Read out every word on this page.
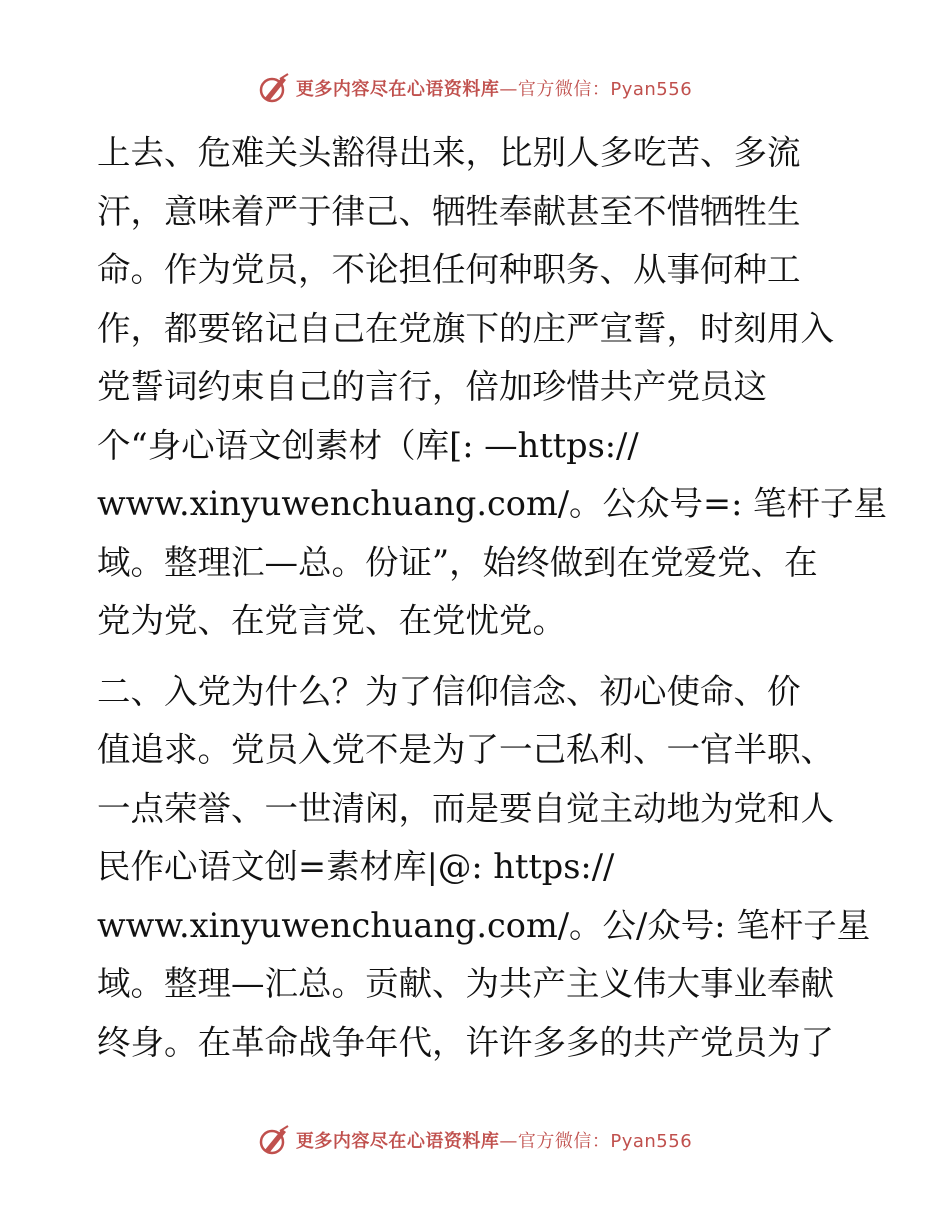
更多内容尽在心语资料库 —官方微信：Pyan556
上去、危难关头豁得出来，比别人多吃苦、多流
汗，意味着严于律己、牺牲奉献甚至不惜牺牲生
命。作为党员，不论担任何种职务、从事何种工
作，都要铭记自己在党旗下的庄严宣誓，时刻用入
党誓词约束自己的言行，倍加珍惜共产党员这
个“身心语文创素材（库[: —https://
www.xinyuwenchuang.com/。公众号=: 笔杆子星
域。整理汇—总。份证”，始终做到在党爱党、在
党为党、在党言党、在党忧党。
二、入党为什么？为了信仰信念、初心使命、价
值追求。党员入党不是为了一己私利、一官半职、
一点荣誉、一世清闲，而是要自觉主动地为党和人
民作心语文创=素材库|@: https://
www.xinyuwenchuang.com/。公/众号: 笔杆子星
域。整理—汇总。贡献、为共产主义伟大事业奉献
终身。在革命战争年代，许许多多的共产党员为了
更多内容尽在心语资料库 —官方微信：Pyan556
